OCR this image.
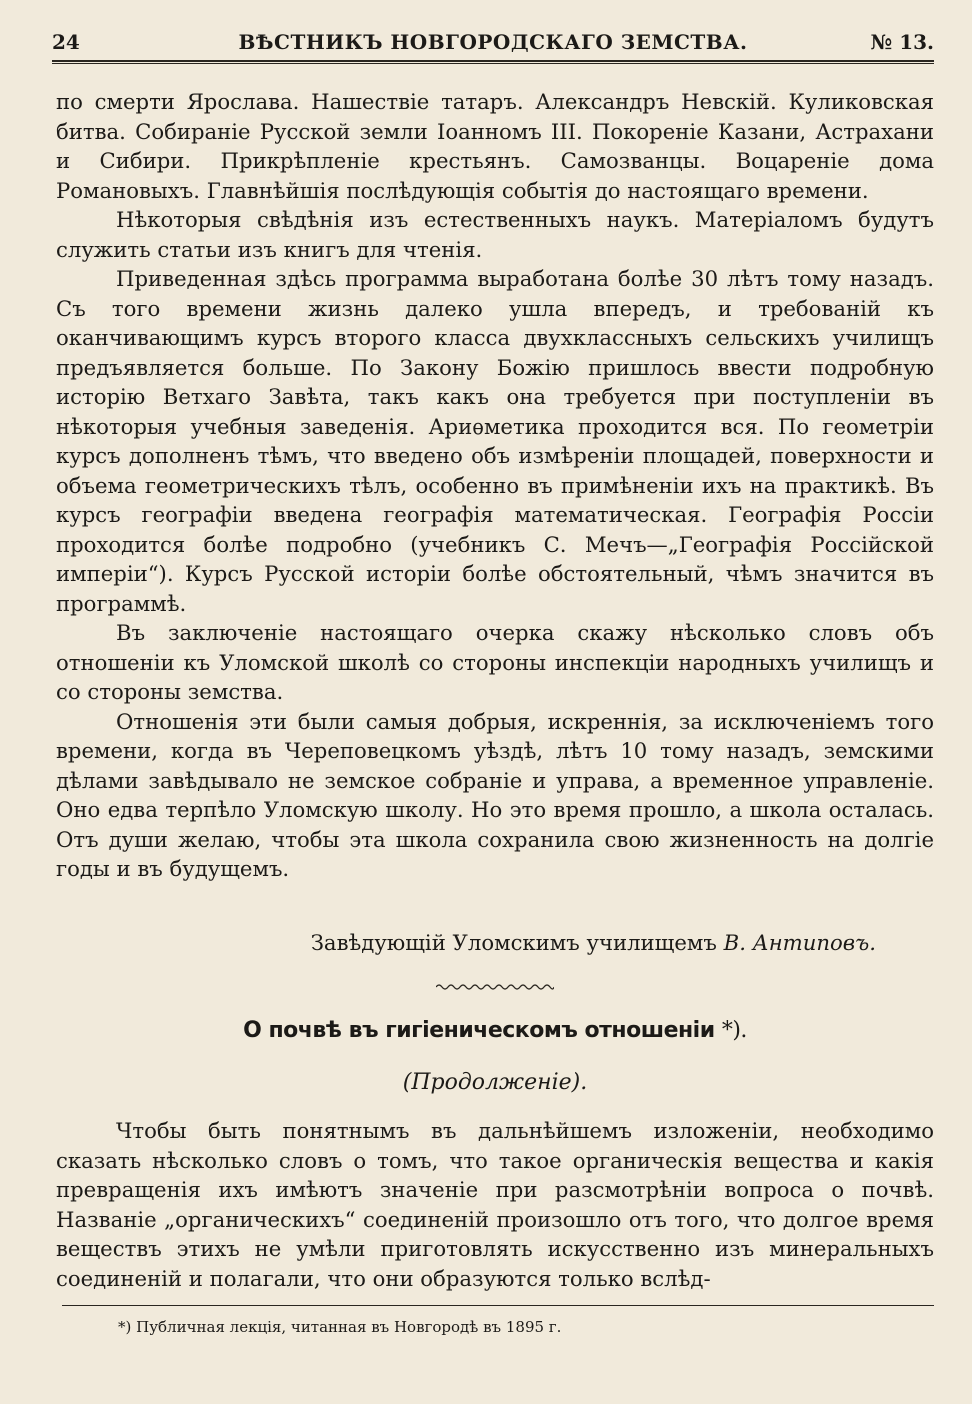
24	ВѢСТНИКЪ НОВГОРОДСКАГО ЗЕМСТВА.	№ 13.

по смерти Ярослава. Нашествіе татаръ. Александръ Невскій. Куликовская битва. Собираніе Русской земли Іоанномъ III. Покореніе Казани, Астрахани и Сибири. Прикрѣпленіе крестьянъ. Самозванцы. Воцареніе дома Романовыхъ. Главнѣйшія послѣдующія событія до настоящаго времени.

Нѣкоторыя свѣдѣнія изъ естественныхъ наукъ. Матеріаломъ будутъ служить статьи изъ книгъ для чтенія.

Приведенная здѣсь программа выработана болѣе 30 лѣтъ тому назадъ. Съ того времени жизнь далеко ушла впередъ, и требованій къ оканчивающимъ курсъ второго класса двухклассныхъ сельскихъ училищъ предъявляется больше. По Закону Божію пришлось ввести подробную исторію Ветхаго Завѣта, такъ какъ она требуется при поступленіи въ нѣкоторыя учебныя заведенія. Ариѳметика проходится вся. По геометріи курсъ дополненъ тѣмъ, что введено объ измѣреніи площадей, поверхности и объема геометрическихъ тѣлъ, особенно въ примѣненіи ихъ на практикѣ. Въ курсъ географіи введена географія математическая. Географія Россіи проходится болѣе подробно (учебникъ С. Мечъ—„Географія Россійской имперіи“). Курсъ Русской исторіи болѣе обстоятельный, чѣмъ значится въ программѣ.

Въ заключеніе настоящаго очерка скажу нѣсколько словъ объ отношеніи къ Уломской школѣ со стороны инспекціи народныхъ училищъ и со стороны земства.

Отношенія эти были самыя добрыя, искреннія, за исключеніемъ того времени, когда въ Череповецкомъ уѣздѣ, лѣтъ 10 тому назадъ, земскими дѣлами завѣдывало не земское собраніе и управа, а временное управленіе. Оно едва терпѣло Уломскую школу. Но это время прошло, а школа осталась. Отъ души желаю, чтобы эта школа сохранила свою жизненность на долгіе годы и въ будущемъ.

Завѣдующій Уломскимъ училищемъ В. Антиповъ.
О почвѣ въ гигіеническомъ отношеніи *).
(Продолженіе).

Чтобы быть понятнымъ въ дальнѣйшемъ изложеніи, необходимо сказать нѣсколько словъ о томъ, что такое органическія вещества и какія превращенія ихъ имѣютъ значеніе при разсмотрѣніи вопроса о почвѣ. Названіе „органическихъ“ соединеній произошло отъ того, что долгое время веществъ этихъ не умѣли приготовлять искусственно изъ минеральныхъ соединеній и полагали, что они образуются только вслѣд-

*) Публичная лекція, читанная въ Новгородѣ въ 1895 г.
